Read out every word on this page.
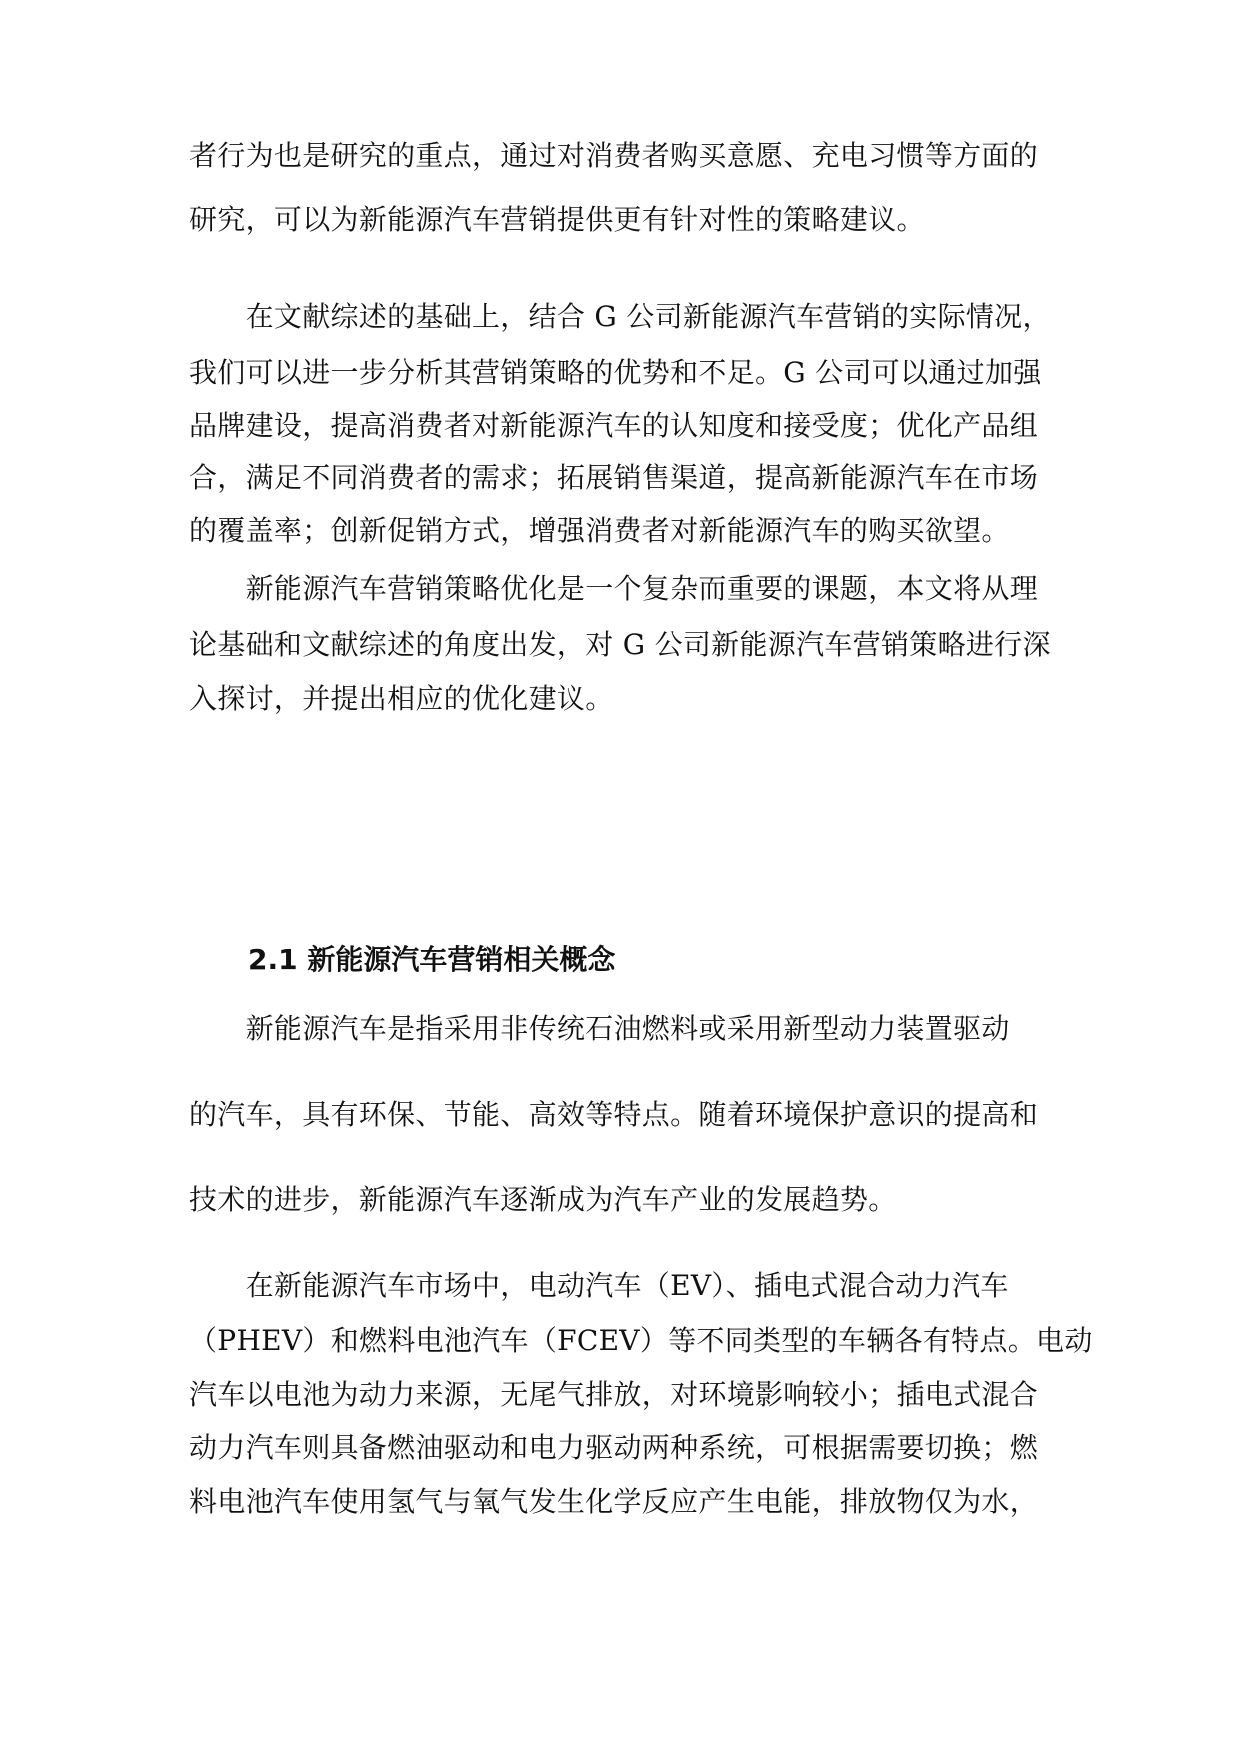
者行为也是研究的重点，通过对消费者购买意愿、充电习惯等方面的
研究，可以为新能源汽车营销提供更有针对性的策略建议。
　　在文献综述的基础上，结合 G 公司新能源汽车营销的实际情况，
我们可以进一步分析其营销策略的优势和不足。G 公司可以通过加强
品牌建设，提高消费者对新能源汽车的认知度和接受度；优化产品组
合，满足不同消费者的需求；拓展销售渠道，提高新能源汽车在市场
的覆盖率；创新促销方式，增强消费者对新能源汽车的购买欲望。
　　新能源汽车营销策略优化是一个复杂而重要的课题，本文将从理
论基础和文献综述的角度出发，对 G 公司新能源汽车营销策略进行深
入探讨，并提出相应的优化建议。
2.1 新能源汽车营销相关概念
　　新能源汽车是指采用非传统石油燃料或采用新型动力装置驱动
的汽车，具有环保、节能、高效等特点。随着环境保护意识的提高和
技术的进步，新能源汽车逐渐成为汽车产业的发展趋势。
　　在新能源汽车市场中，电动汽车（EV）、插电式混合动力汽车
（PHEV）和燃料电池汽车（FCEV）等不同类型的车辆各有特点。电动
汽车以电池为动力来源，无尾气排放，对环境影响较小；插电式混合
动力汽车则具备燃油驱动和电力驱动两种系统，可根据需要切换；燃
料电池汽车使用氢气与氧气发生化学反应产生电能，排放物仅为水，
